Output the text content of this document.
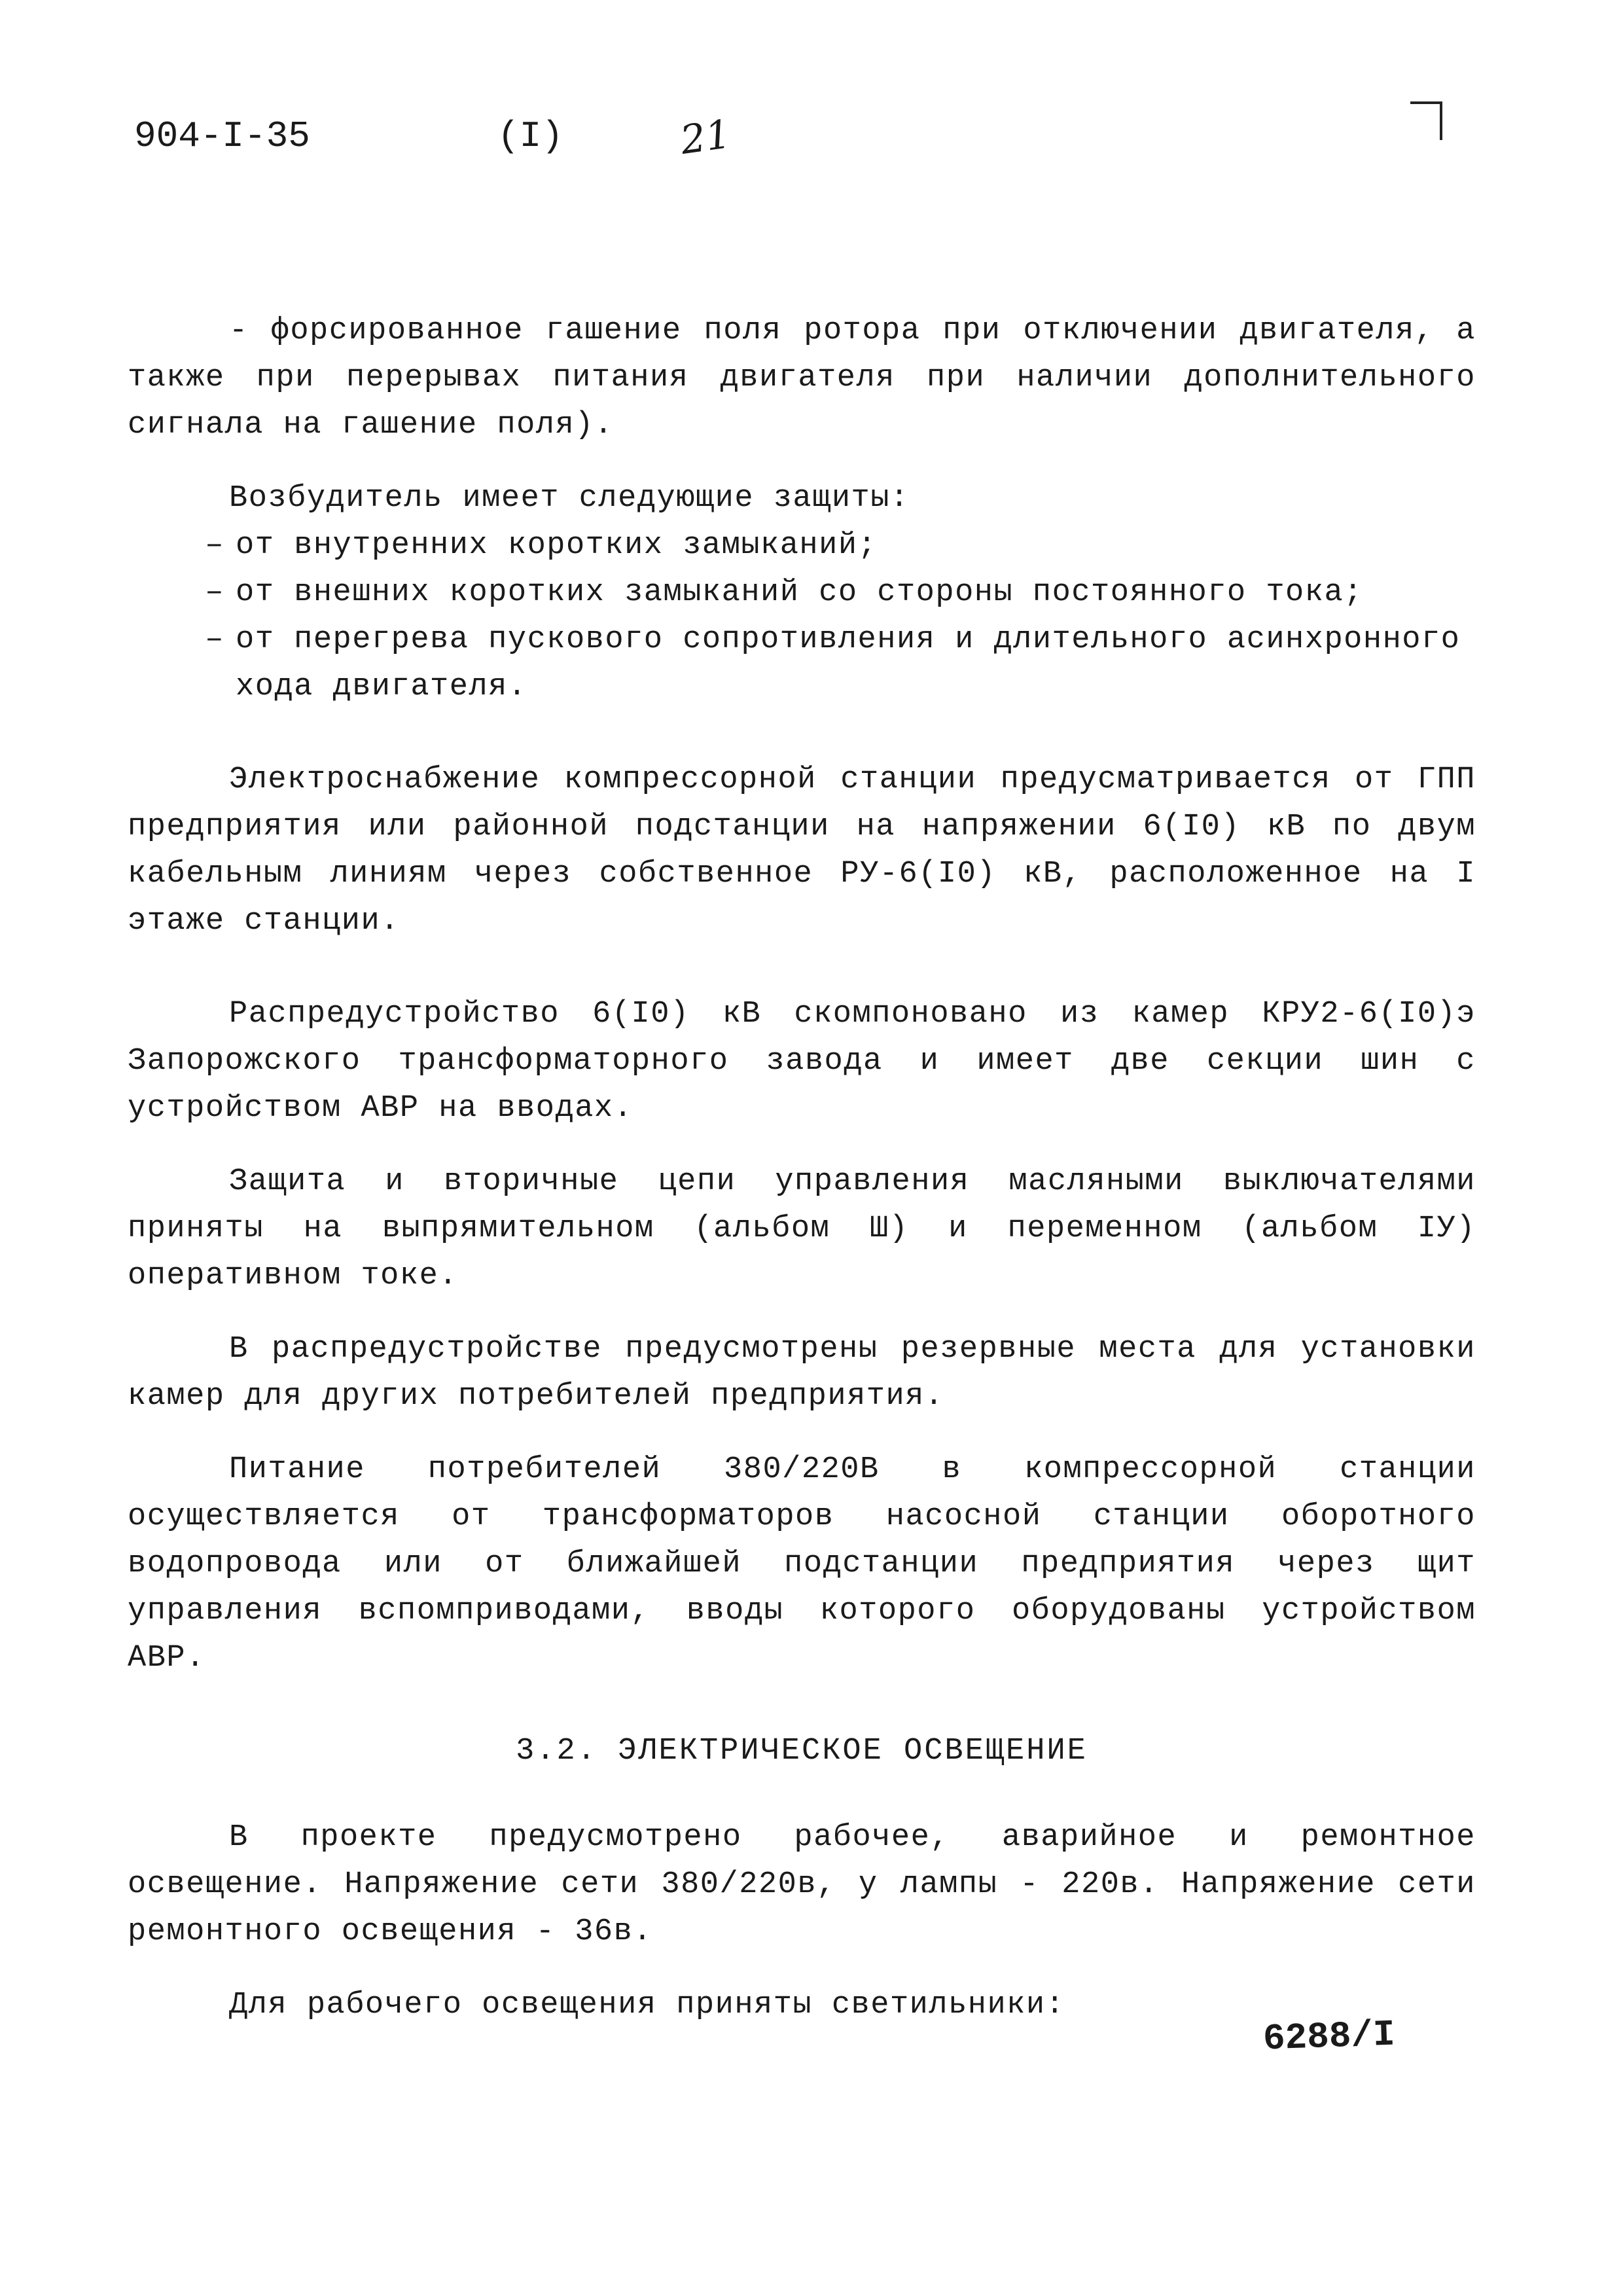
904-I-35	(I)	21

- форсированное гашение поля ротора при отключении двигателя, а также при перерывах питания двигателя при наличии дополнительного сигнала на гашение поля).

Возбудитель имеет следующие защиты:

– от внутренних коротких замыканий;
– от внешних коротких замыканий со стороны постоянного тока;
– от перегрева пускового сопротивления и длительного асинхронного хода двигателя.

Электроснабжение компрессорной станции предусматривается от ГПП предприятия или районной подстанции на напряжении 6(I0) кВ по двум кабельным линиям через собственное РУ-6(I0) кВ, расположенное на I этаже станции.

Распредустройство 6(I0) кВ скомпоновано из камер КРУ2-6(I0)э Запорожского трансформаторного завода и имеет две секции шин с устройством АВР на вводах.

Защита и вторичные цепи управления масляными выключателями приняты на выпрямительном (альбом Ш) и переменном (альбом IУ) оперативном токе.

В распредустройстве предусмотрены резервные места для установки камер для других потребителей предприятия.

Питание потребителей 380/220В в компрессорной станции осуществляется от трансформаторов насосной станции оборотного водопровода или от ближайшей подстанции предприятия через щит управления вспомприводами, вводы которого оборудованы устройством АВР.

3.2. ЭЛЕКТРИЧЕСКОЕ ОСВЕЩЕНИЕ

В проекте предусмотрено рабочее, аварийное и ремонтное освещение. Напряжение сети 380/220в, у лампы - 220в. Напряжение сети ремонтного освещения - 36в.

Для рабочего освещения приняты светильники:

6288/I
